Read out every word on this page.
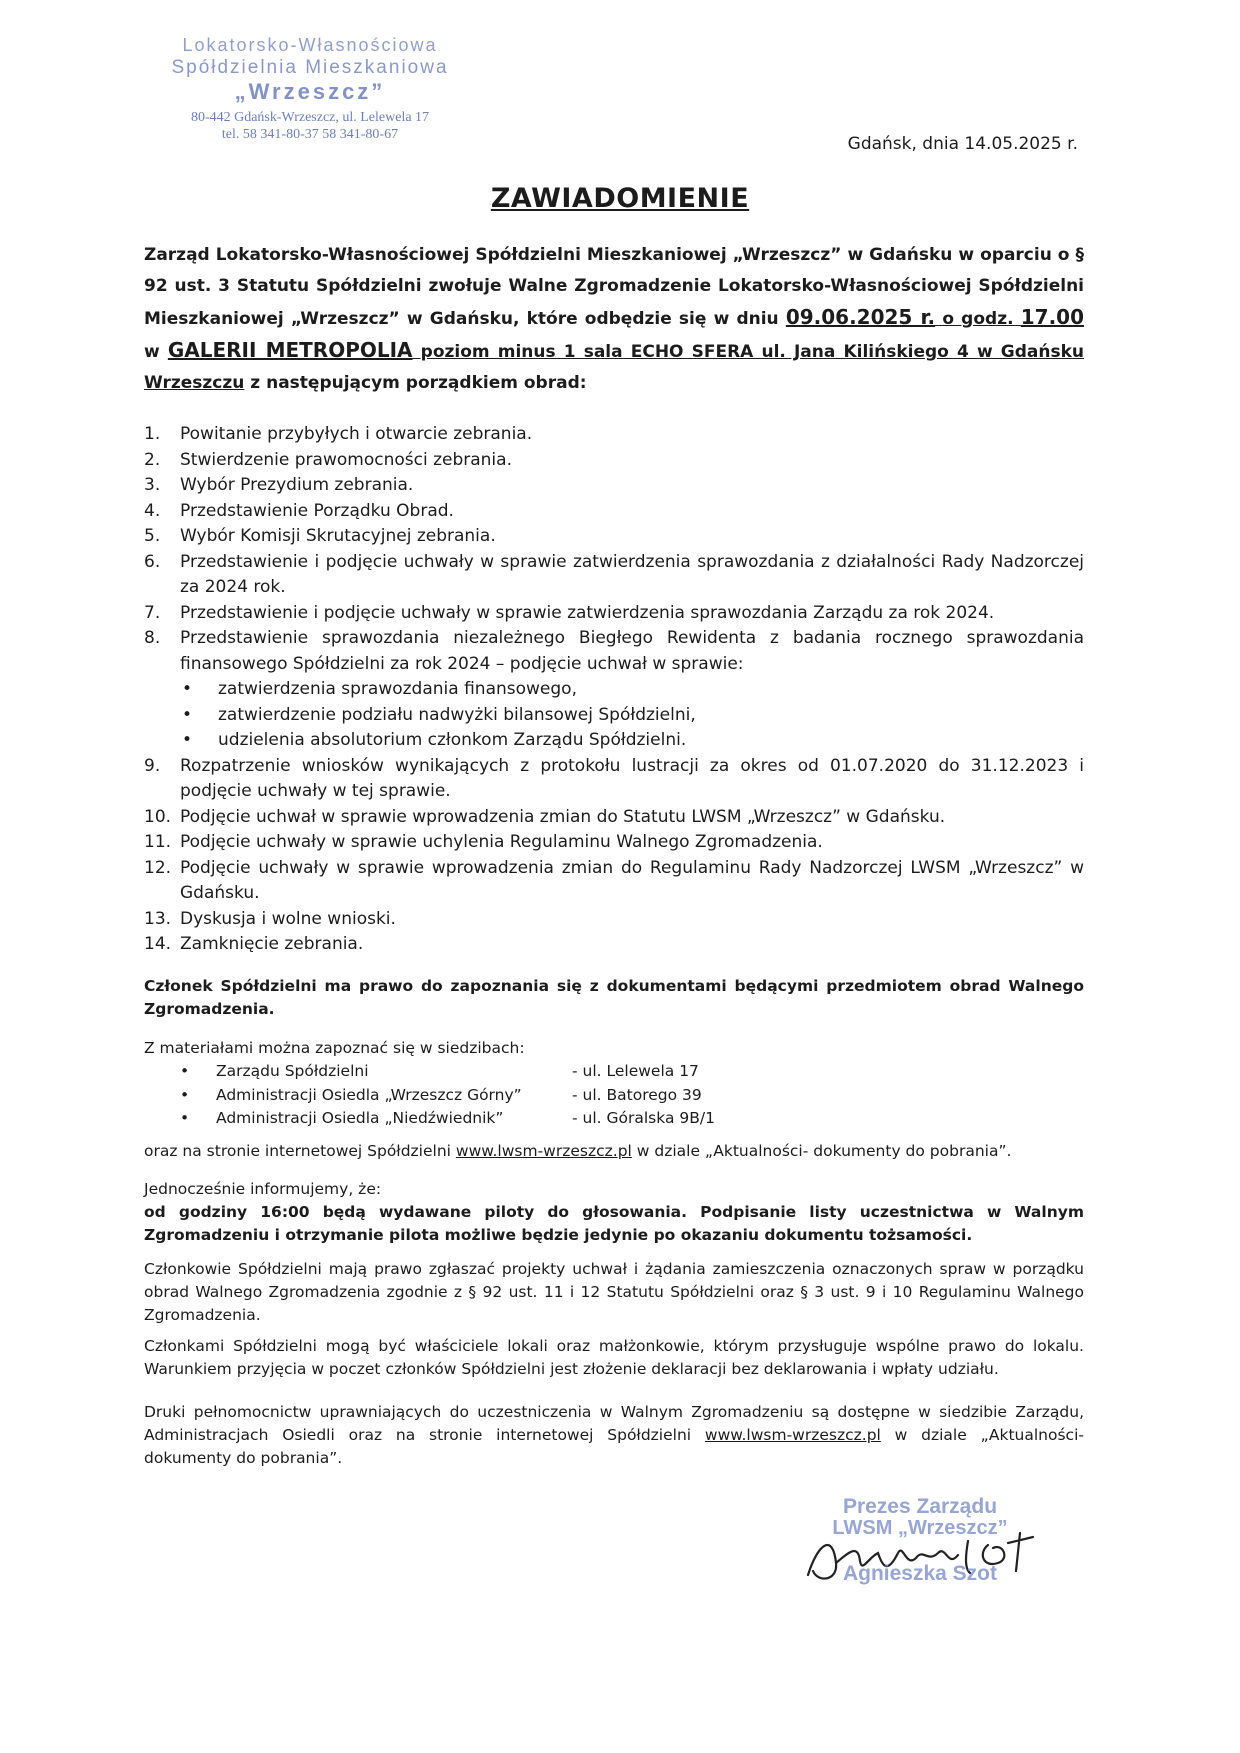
Lokatorsko-Własnościowa
Spółdzielnia Mieszkaniowa
„Wrzeszcz”
80-442 Gdańsk-Wrzeszcz, ul. Lelewela 17
tel. 58 341-80-37 58 341-80-67	Gdańsk, dnia 14.05.2025 r.
ZAWIADOMIENIE
Zarząd Lokatorsko-Własnościowej Spółdzielni Mieszkaniowej „Wrzeszcz” w Gdańsku w oparciu o § 92 ust. 3 Statutu Spółdzielni zwołuje Walne Zgromadzenie Lokatorsko-Własnościowej Spółdzielni Mieszkaniowej „Wrzeszcz” w Gdańsku, które odbędzie się w dniu 09.06.2025 r. o godz. 17.00 w GALERII METROPOLIA poziom minus 1 sala ECHO SFERA ul. Jana Kilińskiego 4 w Gdańsku Wrzeszczu z następującym porządkiem obrad:
1.	Powitanie przybyłych i otwarcie zebrania.
2.	Stwierdzenie prawomocności zebrania.
3.	Wybór Prezydium zebrania.
4.	Przedstawienie Porządku Obrad.
5.	Wybór Komisji Skrutacyjnej zebrania.
6.	Przedstawienie i podjęcie uchwały w sprawie zatwierdzenia sprawozdania z działalności Rady Nadzorczej za 2024 rok.
7.	Przedstawienie i podjęcie uchwały w sprawie zatwierdzenia sprawozdania Zarządu za rok 2024.
8.	Przedstawienie sprawozdania niezależnego Biegłego Rewidenta z badania rocznego sprawozdania finansowego Spółdzielni za rok 2024 – podjęcie uchwał w sprawie:
•	zatwierdzenia sprawozdania finansowego,
•	zatwierdzenie podziału nadwyżki bilansowej Spółdzielni,
•	udzielenia absolutorium członkom Zarządu Spółdzielni.
9.	Rozpatrzenie wniosków wynikających z protokołu lustracji za okres od 01.07.2020 do 31.12.2023 i podjęcie uchwały w tej sprawie.
10. Podjęcie uchwał w sprawie wprowadzenia zmian do Statutu LWSM „Wrzeszcz” w Gdańsku.
11. Podjęcie uchwały w sprawie uchylenia Regulaminu Walnego Zgromadzenia.
12. Podjęcie uchwały w sprawie wprowadzenia zmian do Regulaminu Rady Nadzorczej LWSM „Wrzeszcz” w Gdańsku.
13. Dyskusja i wolne wnioski.
14. Zamknięcie zebrania.
Członek Spółdzielni ma prawo do zapoznania się z dokumentami będącymi przedmiotem obrad Walnego Zgromadzenia.
Z materiałami można zapoznać się w siedzibach:
•	Zarządu Spółdzielni	- ul. Lelewela 17
•	Administracji Osiedla „Wrzeszcz Górny”	- ul. Batorego 39
•	Administracji Osiedla „Niedźwiednik”	- ul. Góralska 9B/1
oraz na stronie internetowej Spółdzielni www.lwsm-wrzeszcz.pl w dziale „Aktualności- dokumenty do pobrania”.
Jednocześnie informujemy, że:
od godziny 16:00 będą wydawane piloty do głosowania. Podpisanie listy uczestnictwa w Walnym Zgromadzeniu i otrzymanie pilota możliwe będzie jedynie po okazaniu dokumentu tożsamości.
Członkowie Spółdzielni mają prawo zgłaszać projekty uchwał i żądania zamieszczenia oznaczonych spraw w porządku obrad Walnego Zgromadzenia zgodnie z § 92 ust. 11 i 12 Statutu Spółdzielni oraz § 3 ust. 9 i 10 Regulaminu Walnego Zgromadzenia.
Członkami Spółdzielni mogą być właściciele lokali oraz małżonkowie, którym przysługuje wspólne prawo do lokalu. Warunkiem przyjęcia w poczet członków Spółdzielni jest złożenie deklaracji bez deklarowania i wpłaty udziału.
Druki pełnomocnictw uprawniających do uczestniczenia w Walnym Zgromadzeniu są dostępne w siedzibie Zarządu, Administracjach Osiedli oraz na stronie internetowej Spółdzielni www.lwsm-wrzeszcz.pl w dziale „Aktualności- dokumenty do pobrania”.
Prezes Zarządu
LWSM „Wrzeszcz”
Agnieszka Szot
